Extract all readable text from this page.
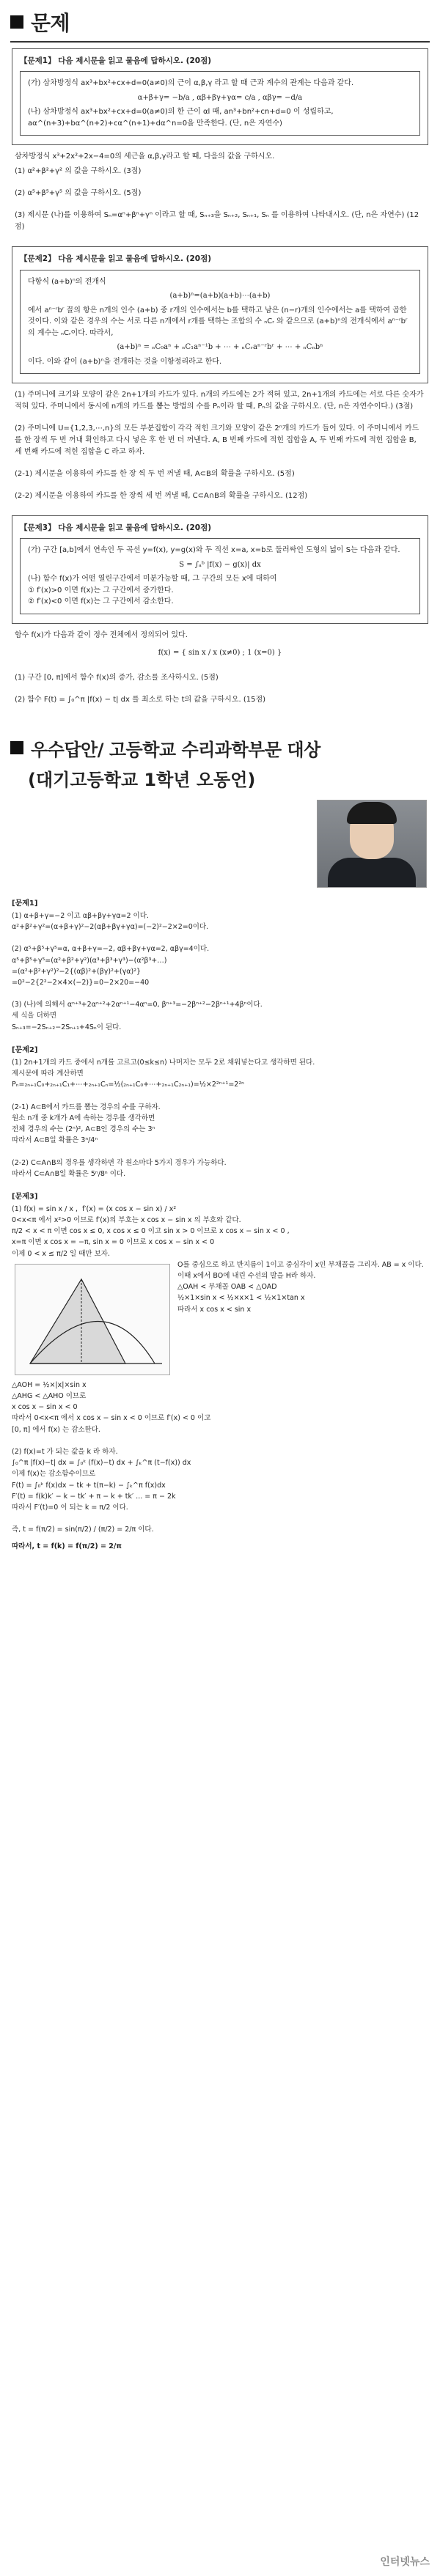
문제
【문제1】 다음 제시문을 읽고 물음에 답하시오. (20점)
(가) 삼차방정식 ax³+bx²+cx+d=0(a≠0)의 근이 α,β,γ 라고 할 때 근과 계수의 관계는 다음과 같다.
α+β+γ= −b/a , αβ+βγ+γα= c/a , αβγ= −d/a
(나) 삼차방정식 ax³+bx²+cx+d=0(a≠0)의 한 근이 αl 때, an³+bn²+cn+d=0 이 성립하고, aα^(n+3)+bα^(n+2)+cα^(n+1)+dα^n=0을 만족한다. (단, n은 자연수)
삼차방정식 x³+2x²+2x−4=0의 세근을 α,β,γ라고 할 때, 다음의 값을 구하시오.
(1) α²+β²+γ² 의 값을 구하시오. (3점)
(2) α⁵+β⁵+γ⁵ 의 값을 구하시오. (5점)
(3) 제시문 (나)를 이용하여 Sₙ=αⁿ+βⁿ+γⁿ 이라고 할 때, Sₙ₊₃을 Sₙ₊₂, Sₙ₊₁, Sₙ 를 이용하여 나타내시오. (단, n은 자연수) (12점)
【문제2】 다음 제시문을 읽고 물음에 답하시오. (20점)
다항식 (a+b)ⁿ의 전개식
(a+b)ⁿ=(a+b)(a+b)⋯(a+b)
에서 aⁿ⁻ʳbʳ 꼴의 항은 n개의 인수 (a+b) 중 r개의 인수에서는 b를 택하고 남은 (n−r)개의 인수에서는 a를 택하여 곱한 것이다. 이와 같은 경우의 수는 서로 다른 n개에서 r개를 택하는 조합의 수 ₙCᵣ 와 같으므로 (a+b)ⁿ의 전개식에서 aⁿ⁻ʳbʳ의 계수는 ₙCᵣ이다. 따라서,
(a+b)ⁿ = ₙC₀aⁿ + ₙC₁aⁿ⁻¹b + ⋯ + ₙCᵣaⁿ⁻ʳbʳ + ⋯ + ₙCₙbⁿ
이다. 이와 같이 (a+b)ⁿ을 전개하는 것을 이항정리라고 한다.
(1) 주머니에 크기와 모양이 같은 2n+1개의 카드가 있다. n개의 카드에는 2가 적혀 있고, 2n+1개의 카드에는 서로 다른 숫자가 적혀 있다. 주머니에서 동시에 n개의 카드를 뽑는 방법의 수를 Pₙ이라 할 때, Pₙ의 값을 구하시오. (단, n은 자연수이다.) (3점)
(2) 주머니에 U={1,2,3,⋯,n}의 모든 부분집합이 각각 적힌 크기와 모양이 같은 2ⁿ개의 카드가 들어 있다. 이 주머니에서 카드를 한 장씩 두 번 꺼내 확인하고 다시 넣은 후 한 번 더 꺼낸다. A, B 번째 카드에 적힌 집합을 A, 두 번째 카드에 적힌 집합을 B, 세 번째 카드에 적힌 집합을 C 라고 하자.
(2-1) 제시문을 이용하여 카드를 한 장 씩 두 번 꺼낼 때, A⊂B의 확률을 구하시오. (5점)
(2-2) 제시문을 이용하여 카드를 한 장씩 세 번 꺼낼 때, C⊂A∩B의 확률을 구하시오. (12점)
【문제3】 다음 제시문을 읽고 물음에 답하시오. (20점)
(가) 구간 [a,b]에서 연속인 두 곡선 y=f(x), y=g(x)와 두 직선 x=a, x=b로 둘러싸인 도형의 넓이 S는 다음과 같다.
S = ∫ₐᵇ |f(x) − g(x)| dx
(나) 함수 f(x)가 어떤 열린구간에서 미분가능할 때, 그 구간의 모든 x에 대하여
① f′(x)>0 이면 f(x)는 그 구간에서 증가한다.
② f′(x)<0 이면 f(x)는 그 구간에서 감소한다.
함수 f(x)가 다음과 같이 정수 전체에서 정의되어 있다.
f(x) = { sin x / x (x≠0) ; 1 (x=0) }
(1) 구간 [0, π]에서 함수 f(x)의 증가, 감소를 조사하시오. (5점)
(2) 함수 F(t) = ∫₀^π |f(x) − t| dx 를 최소로 하는 t의 값을 구하시오. (15점)
우수답안/ 고등학교 수리과학부문 대상
(대기고등학교 1학년 오동언)
[문제1]
(1) α+β+γ=−2 이고 αβ+βγ+γα=2 이다.
α²+β²+γ²=(α+β+γ)²−2(αβ+βγ+γα)=(−2)²−2×2=0이다.

(2) α⁵+β⁵+γ⁵=α, α+β+γ=−2, αβ+βγ+γα=2, αβγ=4이다.
α⁵+β⁵+γ⁵=(α²+β²+γ²)(α³+β³+γ³)−(α²β³+…)
=(α²+β²+γ²)²−2{(αβ)²+(βγ)²+(γα)²}
=0²−2{2²−2×4×(−2)}=0−2×20=−40

(3) (나)에 의해서 αⁿ⁺³+2αⁿ⁺²+2αⁿ⁺¹−4αⁿ=0, βⁿ⁺³=−2βⁿ⁺²−2βⁿ⁺¹+4βⁿ이다.
세 식을 더하면
Sₙ₊₃=−2Sₙ₊₂−2Sₙ₊₁+4Sₙ이 된다.
[문제2]
(1) 2n+1개의 카드 중에서 n개를 고르고(0≤k≤n) 나머지는 모두 2로 채워넣는다고 생각하면 된다.
제시문에 따라 계산하면
Pₙ=₂ₙ₊₁C₀+₂ₙ₊₁C₁+⋯+₂ₙ₊₁Cₙ=½(₂ₙ₊₁C₀+⋯+₂ₙ₊₁C₂ₙ₊₁)=½×2²ⁿ⁺¹=2²ⁿ

(2-1) A⊂B에서 카드를 뽑는 경우의 수를 구하자.
원소 n개 중 k개가 A에 속하는 경우를 생각하면
전체 경우의 수는 (2ⁿ)², A⊂B인 경우의 수는 3ⁿ
따라서 A⊂B일 확률은 3ⁿ/4ⁿ

(2-2) C⊂A∩B의 경우를 생각하면 각 원소마다 5가지 경우가 가능하다.
따라서 C⊂A∩B일 확률은 5ⁿ/8ⁿ 이다.
[문제3]
(1) f(x) = sin x / x ,  f′(x) = (x cos x − sin x) / x²
0<x<π 에서 x²>0 이므로 f′(x)의 부호는 x cos x − sin x 의 부호와 같다.
π/2 < x < π 이면 cos x ≤ 0, x cos x ≤ 0 이고 sin x > 0 이므로 x cos x − sin x < 0 ,
x=π 이면 x cos x = −π, sin x = 0 이므로 x cos x − sin x < 0
이제 0 < x ≤ π/2 일 때만 보자.
O를 중심으로 하고 반지름이 1이고 중심각이 x인 부채꼴을 그리자. AB = x 이다.
이때 x에서 BO에 내린 수선의 발을 H라 하자.
△OAH < 부채꼴 OAB < △OAD
½×1×sin x < ½×x×1 < ½×1×tan x
따라서 x cos x < sin x
△AOH = ½×|x|×sin x
△AHG < △AHO 이므로
x cos x − sin x < 0
따라서 0<x<π 에서 x cos x − sin x < 0 이므로 f′(x) < 0 이고
[0, π] 에서 f(x) 는 감소한다.

(2) f(x)=t 가 되는 값을 k 라 하자.
∫₀^π |f(x)−t| dx = ∫₀ᵏ (f(x)−t) dx + ∫ₖ^π (t−f(x)) dx
이제 f(x)는 감소함수이므로
F(t) = ∫₀ᵏ f(x)dx − tk + t(π−k) − ∫ₖ^π f(x)dx
F′(t) = f(k)k′ − k − tk′ + π − k + tk′ ... = π − 2k
따라서 F′(t)=0 이 되는 k = π/2 이다.

즉, t = f(π/2) = sin(π/2) / (π/2) = 2/π 이다.
따라서, t = f(k) = f(π/2) = 2/π
인터넷뉴스
